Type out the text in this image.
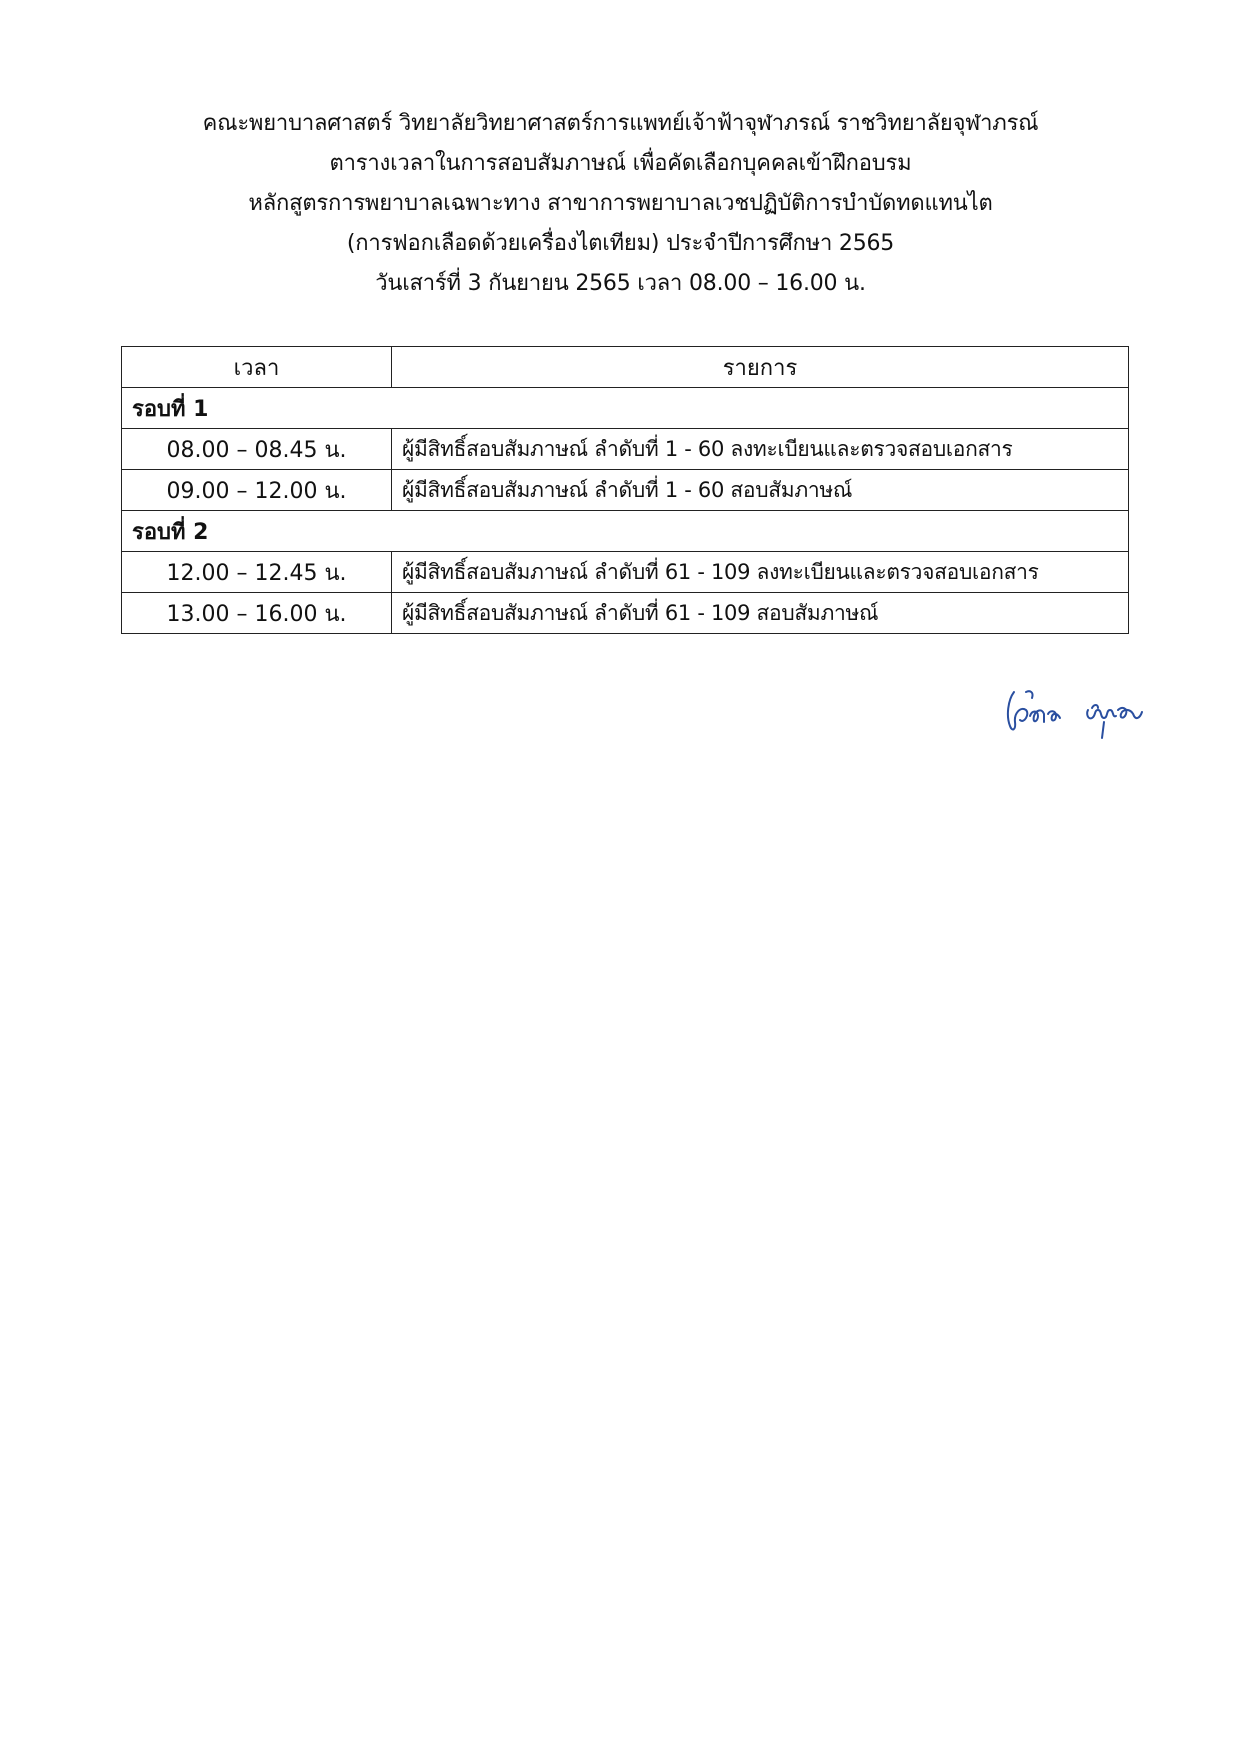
คณะพยาบาลศาสตร์ วิทยาลัยวิทยาศาสตร์การแพทย์เจ้าฟ้าจุฬาภรณ์ ราชวิทยาลัยจุฬาภรณ์
ตารางเวลาในการสอบสัมภาษณ์ เพื่อคัดเลือกบุคคลเข้าฝึกอบรม
หลักสูตรการพยาบาลเฉพาะทาง สาขาการพยาบาลเวชปฏิบัติการบำบัดทดแทนไต
(การฟอกเลือดด้วยเครื่องไตเทียม) ประจำปีการศึกษา 2565
วันเสาร์ที่ 3 กันยายน 2565 เวลา 08.00 – 16.00 น.
เวลา	รายการ
รอบที่ 1	
08.00 – 08.45 น.	ผู้มีสิทธิ์สอบสัมภาษณ์ ลำดับที่ 1 - 60 ลงทะเบียนและตรวจสอบเอกสาร
09.00 – 12.00 น.	ผู้มีสิทธิ์สอบสัมภาษณ์ ลำดับที่ 1 - 60 สอบสัมภาษณ์
รอบที่ 2	
12.00 – 12.45 น.	ผู้มีสิทธิ์สอบสัมภาษณ์ ลำดับที่ 61 - 109 ลงทะเบียนและตรวจสอบเอกสาร
13.00 – 16.00 น.	ผู้มีสิทธิ์สอบสัมภาษณ์ ลำดับที่ 61 - 109 สอบสัมภาษณ์
